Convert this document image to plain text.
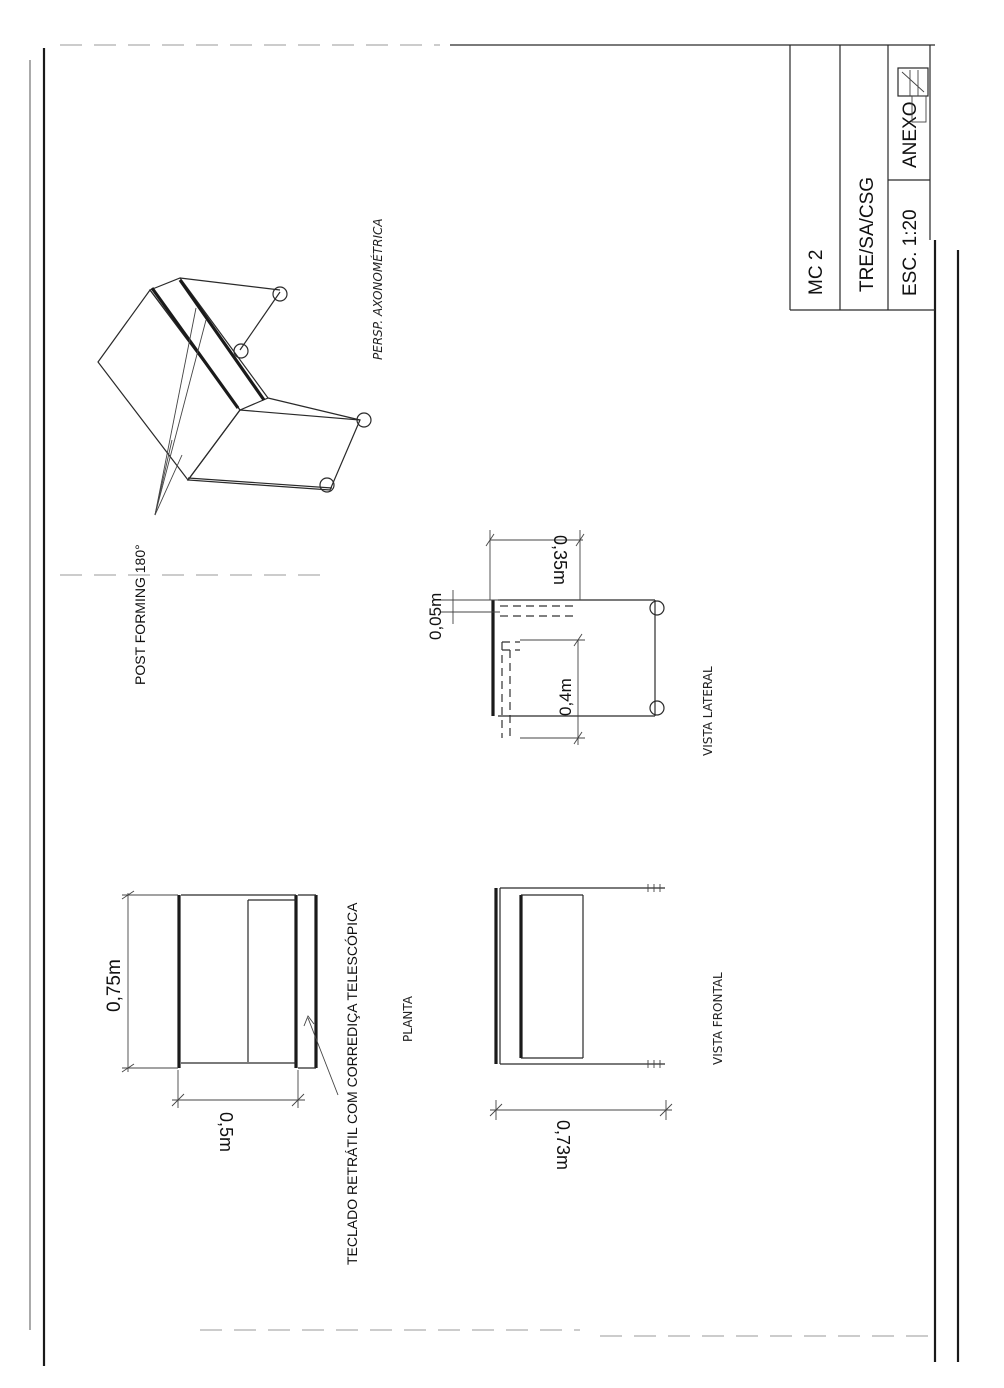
MC 2 TRE/SA/CSG ESC. 1:20
ANEXO
POST FORMING 180°
PERSP. AXONOMÉTRICA
0,35m
0,05m
0,4m	VISTA LATERAL
0,75m
0,5m	TECLADO RETRÁTIL COM CORREDIÇA TELESCÓPICA	PLANTA
0,73m
VISTA FRONTAL
